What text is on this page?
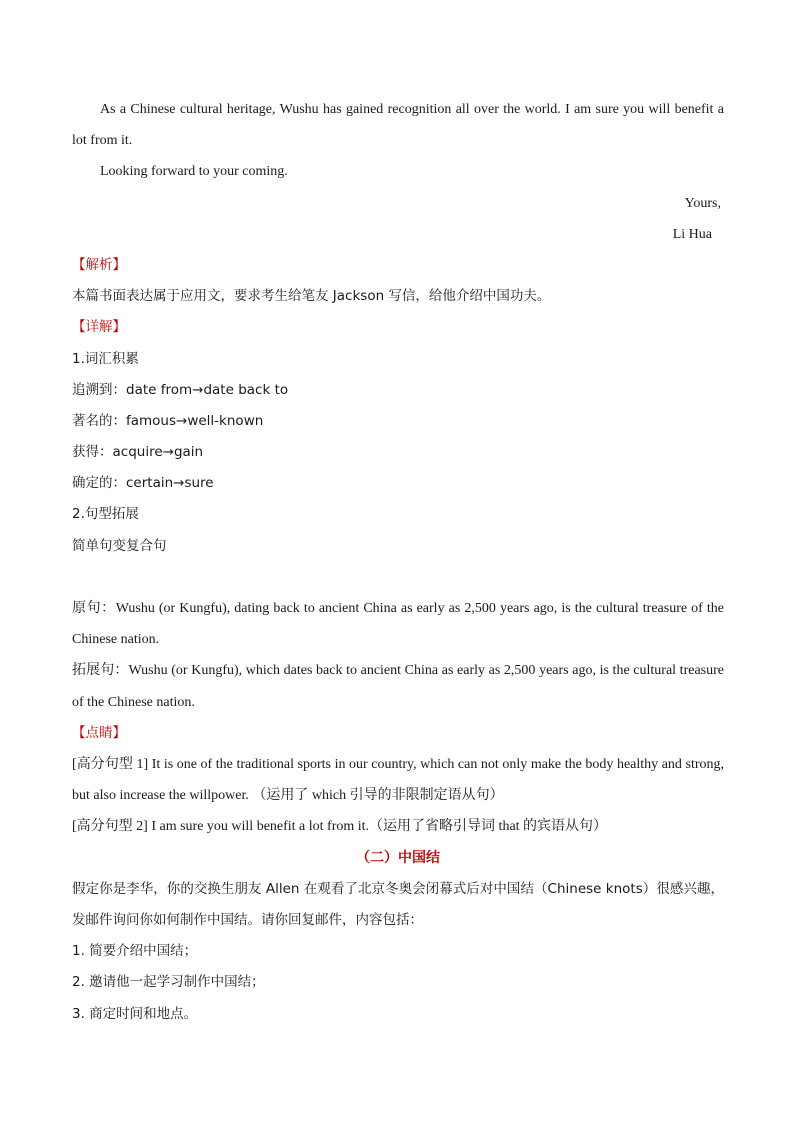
As a Chinese cultural heritage, Wushu has gained recognition all over the world. I am sure you will benefit a lot from it.
Looking forward to your coming.
Yours,
Li Hua
【解析】
本篇书面表达属于应用文，要求考生给笔友 Jackson 写信，给他介绍中国功夫。
【详解】
1.词汇积累
追溯到：date from→date back to
著名的：famous→well-known
获得：acquire→gain
确定的：certain→sure
2.句型拓展
简单句变复合句
原句：Wushu (or Kungfu), dating back to ancient China as early as 2,500 years ago, is the cultural treasure of the Chinese nation.
拓展句：Wushu (or Kungfu), which dates back to ancient China as early as 2,500 years ago, is the cultural treasure of the Chinese nation.
【点睛】
[高分句型 1] It is one of the traditional sports in our country, which can not only make the body healthy and strong, but also increase the willpower. （运用了 which 引导的非限制定语从句）
[高分句型 2] I am sure you will benefit a lot from it.（运用了省略引导词 that 的宾语从句）
（二）中国结
假定你是李华，你的交换生朋友 Allen 在观看了北京冬奥会闭幕式后对中国结（Chinese knots）很感兴趣，发邮件询问你如何制作中国结。请你回复邮件，内容包括：
1. 简要介绍中国结；
2. 邀请他一起学习制作中国结；
3. 商定时间和地点。
